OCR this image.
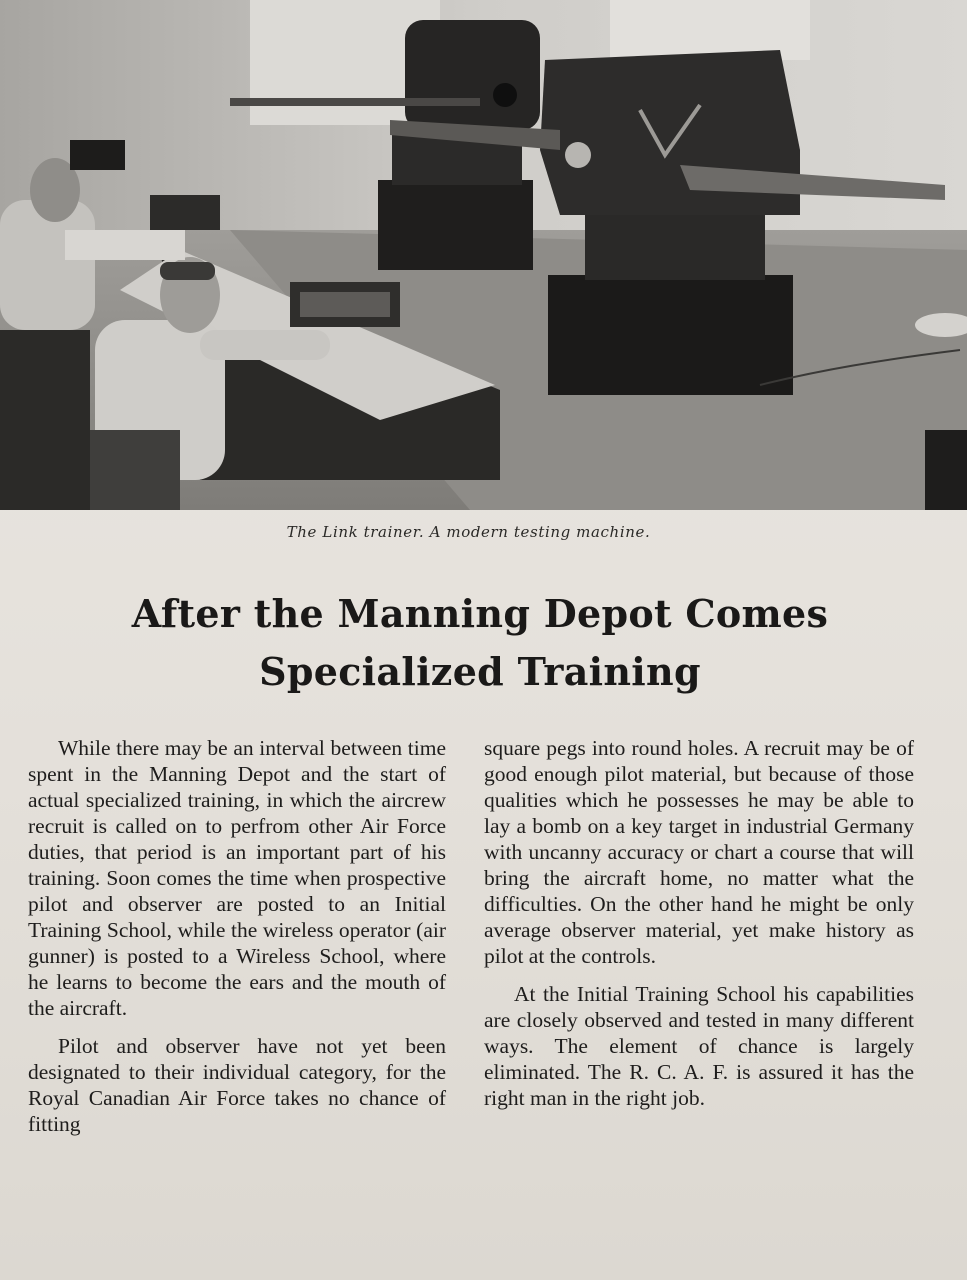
The Link trainer. A modern testing machine.
After the Manning Depot Comes
Specialized Training

While there may be an interval between time spent in the Manning Depot and the start of actual specialized training, in which the aircrew recruit is called on to perfrom other Air Force duties, that period is an important part of his training. Soon comes the time when prospective pilot and observer are posted to an Initial Training School, while the wireless operator (air gunner) is posted to a Wireless School, where he learns to become the ears and the mouth of the aircraft.

Pilot and observer have not yet been designated to their individual category, for the Royal Canadian Air Force takes no chance of fitting

square pegs into round holes. A recruit may be of good enough pilot material, but because of those qualities which he possesses he may be able to lay a bomb on a key target in industrial Germany with uncanny accuracy or chart a course that will bring the aircraft home, no matter what the difficulties. On the other hand he might be only average observer material, yet make history as pilot at the controls.

At the Initial Training School his capabilities are closely observed and tested in many different ways. The element of chance is largely eliminated. The R. C. A. F. is assured it has the right man in the right job.
